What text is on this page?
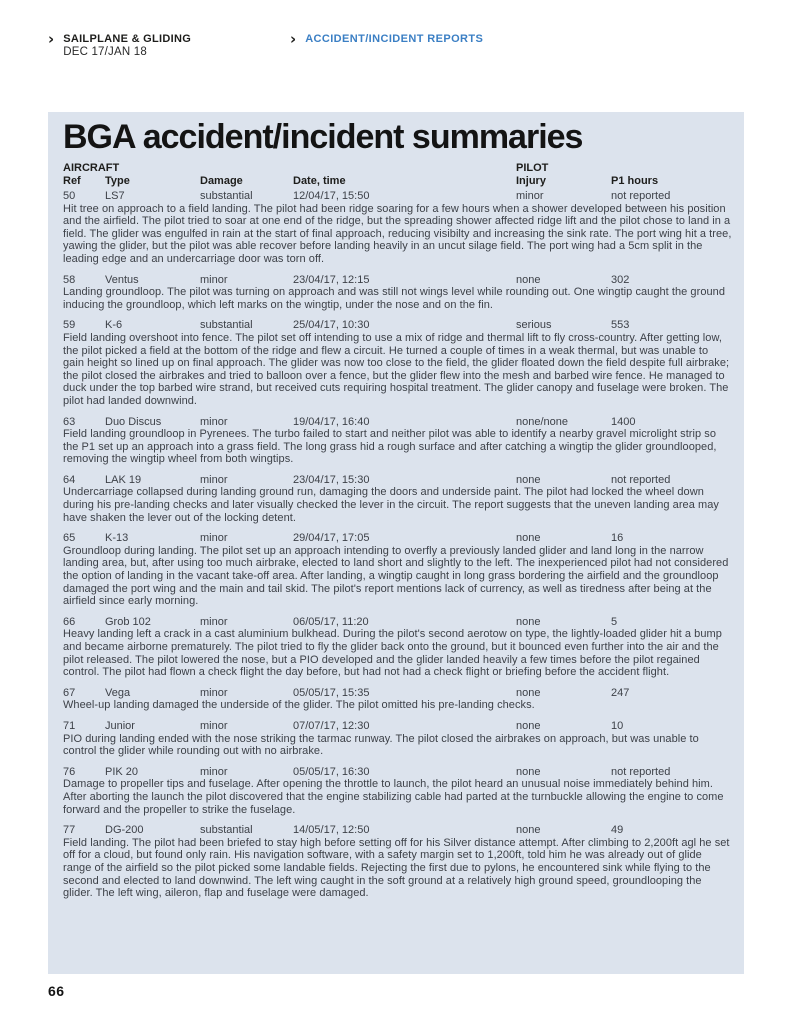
› SAILPLANE & GLIDING
DEC 17/JAN 18
› ACCIDENT/INCIDENT REPORTS
BGA accident/incident summaries
AIRCRAFT	PILOT
Ref	Type	Damage	Date, time	Injury	P1 hours
50	LS7	substantial	12/04/17, 15:50	minor	not reported

Hit tree on approach to a field landing. The pilot had been ridge soaring for a few hours when a shower developed between his position and the airfield. The pilot tried to soar at one end of the ridge, but the spreading shower affected ridge lift and the pilot chose to land in a field. The glider was engulfed in rain at the start of final approach, reducing visibilty and increasing the sink rate. The port wing hit a tree, yawing the glider, but the pilot was able recover before landing heavily in an uncut silage field. The port wing had a 5cm split in the leading edge and an undercarriage door was torn off.

58	Ventus	minor	23/04/17, 12:15	none	302

Landing groundloop. The pilot was turning on approach and was still not wings level while rounding out. One wingtip caught the ground inducing the groundloop, which left marks on the wingtip, under the nose and on the fin.

59	K-6	substantial	25/04/17, 10:30	serious	553

Field landing overshoot into fence. The pilot set off intending to use a mix of ridge and thermal lift to fly cross-country. After getting low, the pilot picked a field at the bottom of the ridge and flew a circuit. He turned a couple of times in a weak thermal, but was unable to gain height so lined up on final approach. The glider was now too close to the field, the glider floated down the field despite full airbrake; the pilot closed the airbrakes and tried to balloon over a fence, but the glider flew into the mesh and barbed wire fence. He managed to duck under the top barbed wire strand, but received cuts requiring hospital treatment. The glider canopy and fuselage were broken. The pilot had landed downwind.

63	Duo Discus	minor	19/04/17, 16:40	none/none	1400

Field landing groundloop in Pyrenees. The turbo failed to start and neither pilot was able to identify a nearby gravel microlight strip so the P1 set up an approach into a grass field. The long grass hid a rough surface and after catching a wingtip the glider groundlooped, removing the wingtip wheel from both wingtips.

64	LAK 19	minor	23/04/17, 15:30	none	not reported

Undercarriage collapsed during landing ground run, damaging the doors and underside paint. The pilot had locked the wheel down during his pre-landing checks and later visually checked the lever in the circuit. The report suggests that the uneven landing area may have shaken the lever out of the locking detent.

65	K-13	minor	29/04/17, 17:05	none	16

Groundloop during landing. The pilot set up an approach intending to overfly a previously landed glider and land long in the narrow landing area, but, after using too much airbrake, elected to land short and slightly to the left. The inexperienced pilot had not considered the option of landing in the vacant take-off area. After landing, a wingtip caught in long grass bordering the airfield and the groundloop damaged the port wing and the main and tail skid. The pilot's report mentions lack of currency, as well as tiredness after being at the airfield since early morning.

66	Grob 102	minor	06/05/17, 11:20	none	5

Heavy landing left a crack in a cast aluminium bulkhead. During the pilot's second aerotow on type, the lightly-loaded glider hit a bump and became airborne prematurely. The pilot tried to fly the glider back onto the ground, but it bounced even further into the air and the pilot released. The pilot lowered the nose, but a PIO developed and the glider landed heavily a few times before the pilot regained control. The pilot had flown a check flight the day before, but had not had a check flight or briefing before the accident flight.

67	Vega	minor	05/05/17, 15:35	none	247

Wheel-up landing damaged the underside of the glider. The pilot omitted his pre-landing checks.

71	Junior	minor	07/07/17, 12:30	none	10

PIO during landing ended with the nose striking the tarmac runway. The pilot closed the airbrakes on approach, but was unable to control the glider while rounding out with no airbrake.

76	PIK 20	minor	05/05/17, 16:30	none	not reported

Damage to propeller tips and fuselage. After opening the throttle to launch, the pilot heard an unusual noise immediately behind him. After aborting the launch the pilot discovered that the engine stabilizing cable had parted at the turnbuckle allowing the engine to come forward and the propeller to strike the fuselage.

77	DG-200	substantial	14/05/17, 12:50	none	49

Field landing. The pilot had been briefed to stay high before setting off for his Silver distance attempt. After climbing to 2,200ft agl he set off for a cloud, but found only rain. His navigation software, with a safety margin set to 1,200ft, told him he was already out of glide range of the airfield so the pilot picked some landable fields. Rejecting the first due to pylons, he encountered sink while flying to the second and elected to land downwind. The left wing caught in the soft ground at a relatively high ground speed, groundlooping the glider. The left wing, aileron, flap and fuselage were damaged.

66
